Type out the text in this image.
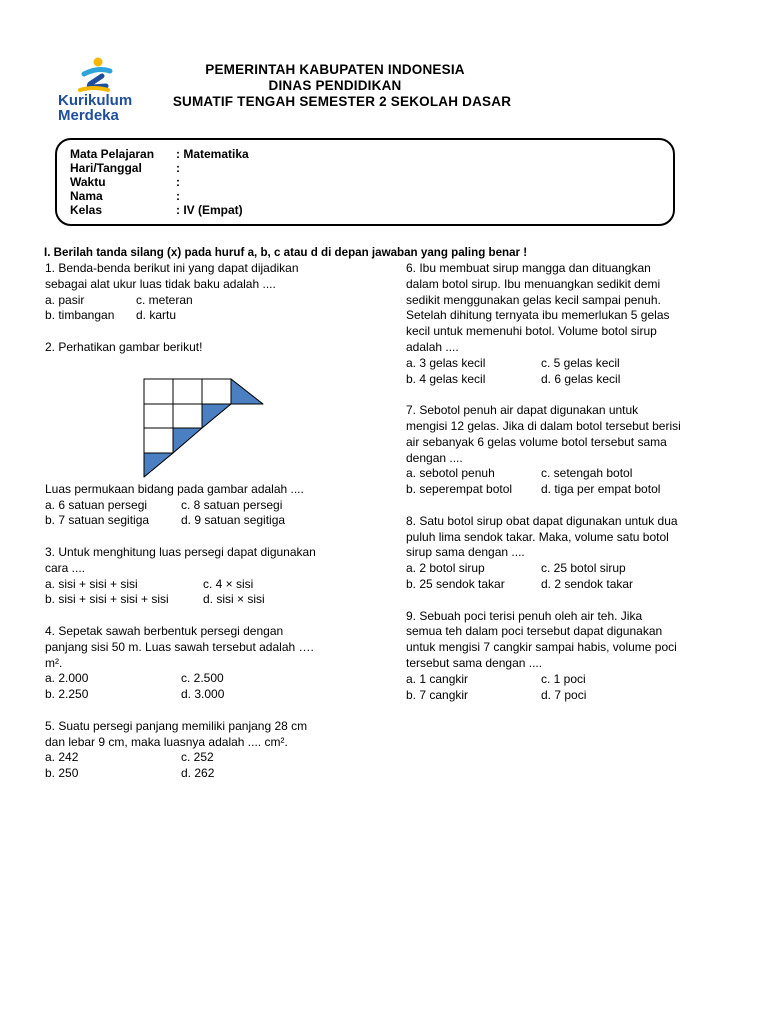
Kurikulum
Merdeka
PEMERINTAH KABUPATEN INDONESIA
DINAS PENDIDIKAN
SUMATIF TENGAH SEMESTER 2 SEKOLAH DASAR
Mata Pelajaran : Matematika
Hari/Tanggal	:
Waktu	:
Nama	:
Kelas	: IV (Empat)
I. Berilah tanda silang (x) pada huruf a, b, c atau d di depan jawaban yang paling benar !

1. Benda-benda berikut ini yang dapat dijadikan

sebagai alat ukur luas tidak baku adalah ....

a. pasir	c. meteran
b. timbangan	d. kartu

2. Perhatikan gambar berikut!

Luas permukaan bidang pada gambar adalah ....

a. 6 satuan persegi	c. 8 satuan persegi
b. 7 satuan segitiga	d. 9 satuan segitiga

3. Untuk menghitung luas persegi dapat digunakan

cara ....

a. sisi + sisi + sisi	c. 4 × sisi
b. sisi + sisi + sisi + sisi	d. sisi × sisi

4. Sepetak sawah berbentuk persegi dengan

panjang sisi 50 m. Luas sawah tersebut adalah ….

m².

a. 2.000	c. 2.500
b. 2.250	d. 3.000

5. Suatu persegi panjang memiliki panjang 28 cm

dan lebar 9 cm, maka luasnya adalah .... cm².

a. 242	c. 252
b. 250	d. 262

6. Ibu membuat sirup mangga dan dituangkan

dalam botol sirup. Ibu menuangkan sedikit demi

sedikit menggunakan gelas kecil sampai penuh.

Setelah dihitung ternyata ibu memerlukan 5 gelas

kecil untuk memenuhi botol. Volume botol sirup

adalah ....

a. 3 gelas kecil	c. 5 gelas kecil
b. 4 gelas kecil	d. 6 gelas kecil

7. Sebotol penuh air dapat digunakan untuk

mengisi 12 gelas. Jika di dalam botol tersebut berisi

air sebanyak 6 gelas volume botol tersebut sama

dengan ....

a. sebotol penuh	c. setengah botol
b. seperempat botol	d. tiga per empat botol

8. Satu botol sirup obat dapat digunakan untuk dua

puluh lima sendok takar. Maka, volume satu botol

sirup sama dengan ....

a. 2 botol sirup	c. 25 botol sirup
b. 25 sendok takar	d. 2 sendok takar

9. Sebuah poci terisi penuh oleh air teh. Jika

semua teh dalam poci tersebut dapat digunakan

untuk mengisi 7 cangkir sampai habis, volume poci

tersebut sama dengan ....

a. 1 cangkir	c. 1 poci
b. 7 cangkir	d. 7 poci
